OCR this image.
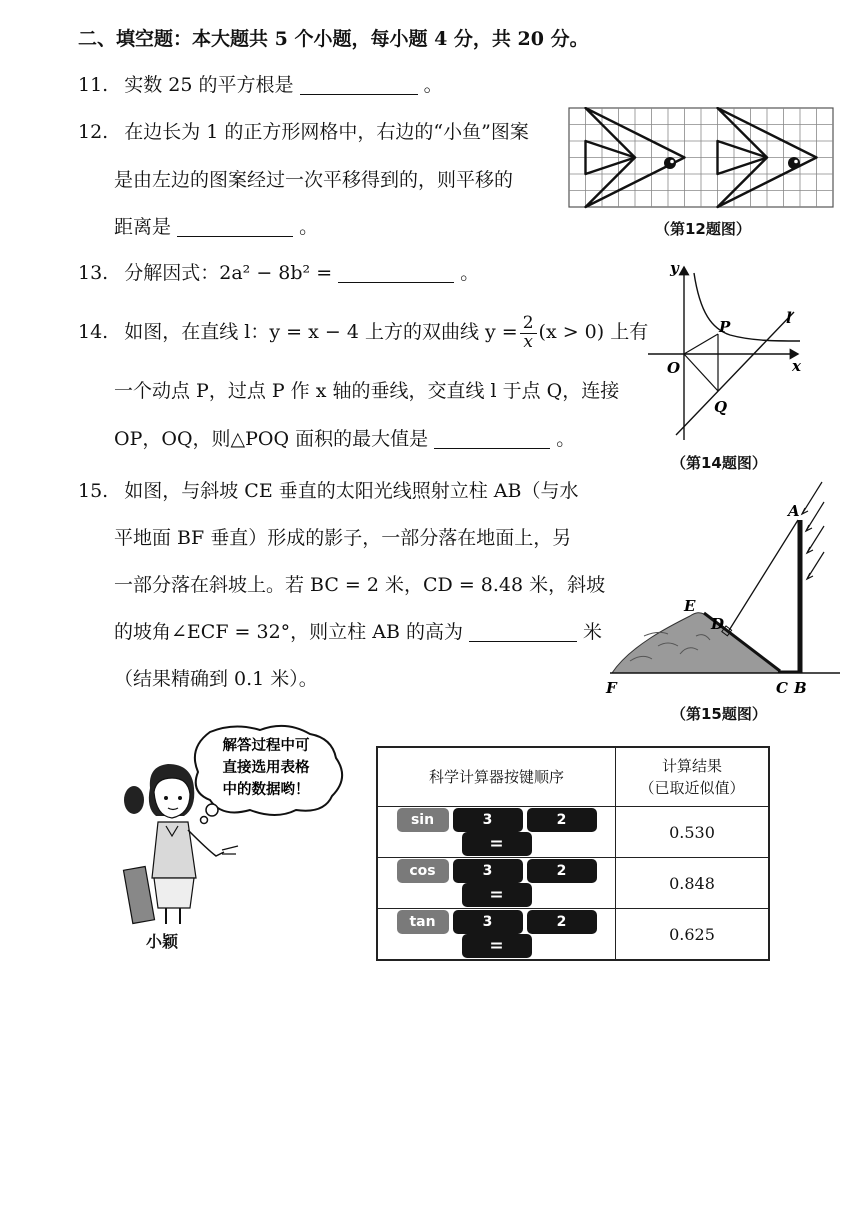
二、填空题：本大题共 5 个小题，每小题 4 分，共 20 分。
11. 实数 25 的平方根是	。
12. 在边长为 1 的正方形网格中，右边的“小鱼”图案
是由左边的图案经过一次平移得到的，则平移的
距离是	。	（第12题图）
13. 分解因式：2a² − 8b² =	。
14. 如图，在直线 l：y = x − 4 上方的双曲线 $y = \frac{2}{x} (x > 0)$ 上有
一个动点 P，过点 P 作 x 轴的垂线，交直线 l 于点 Q，连接
OP，OQ，则△POQ 面积的最大值是	。
y
x
O
P
Q
l
（第14题图）
15. 如图，与斜坡 CE 垂直的太阳光线照射立柱 AB（与水
平地面 BF 垂直）形成的影子，一部分落在地面上，另
一部分落在斜坡上。若 BC = 2 米，CD = 8.48 米，斜坡
的坡角∠ECF = 32°，则立柱 AB 的高为	米
（结果精确到 0.1 米）。
A
B
C
D
E
F
（第15题图）
解答过程中可
直接选用表格
中的数据哟！
小颖
科学计算器按键顺序	计算结果
（已取近似值）

sin 3 2=	0.530
cos 3 2=	0.848
tan 3 2=	0.625
